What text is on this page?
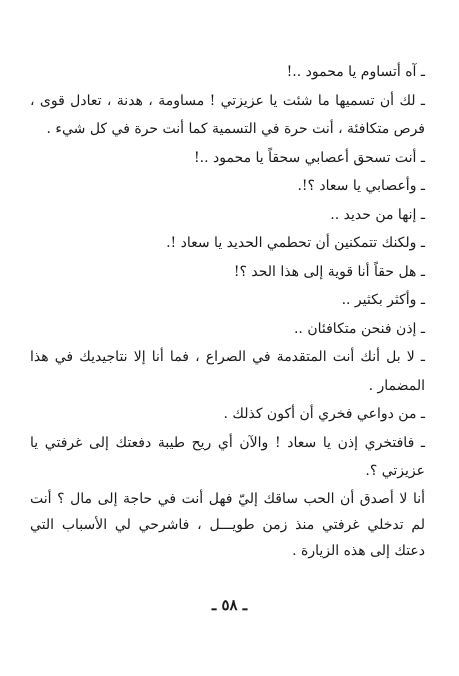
ـ آه أتساوم يا محمود ..!

ـ لك أن تسميها ما شئت يا عزيزتي ! مساومة ، هدنة ، تعادل قوى ، فرص متكافئة ، أنت حرة في التسمية كما أنت حرة في كل شيء .

ـ أنت تسحق أعصابي سحقاً يا محمود ..!

ـ وأعصابي يا سعاد ؟!.

ـ إنها من حديد ..

ـ ولكنك تتمكنين أن تحطمي الحديد يا سعاد !.

ـ هل حقاً أنا قوية إلى هذا الحد ؟!

ـ وأكثر بكثير ..

ـ إذن فنحن متكافئان ..

ـ لا بل أنك أنت المتقدمة في الصراع ، فما أنا إلا نتاجيديك في هذا المضمار .

ـ من دواعي فخري أن أكون كذلك .

ـ فافتخري إذن يا سعاد ! والآن أي ريح طيبة دفعتك إلى غرفتي يا عزيزتي ؟.

أنا لا أصدق أن الحب ساقك إليّ فهل أنت في حاجة إلى مال ؟ أنت لم تدخلي غرفتي منذ زمن طويـــل ، فاشرحي لي الأسباب التي دعتك إلى هذه الزيارة .

ـ ٥٨ ـ
